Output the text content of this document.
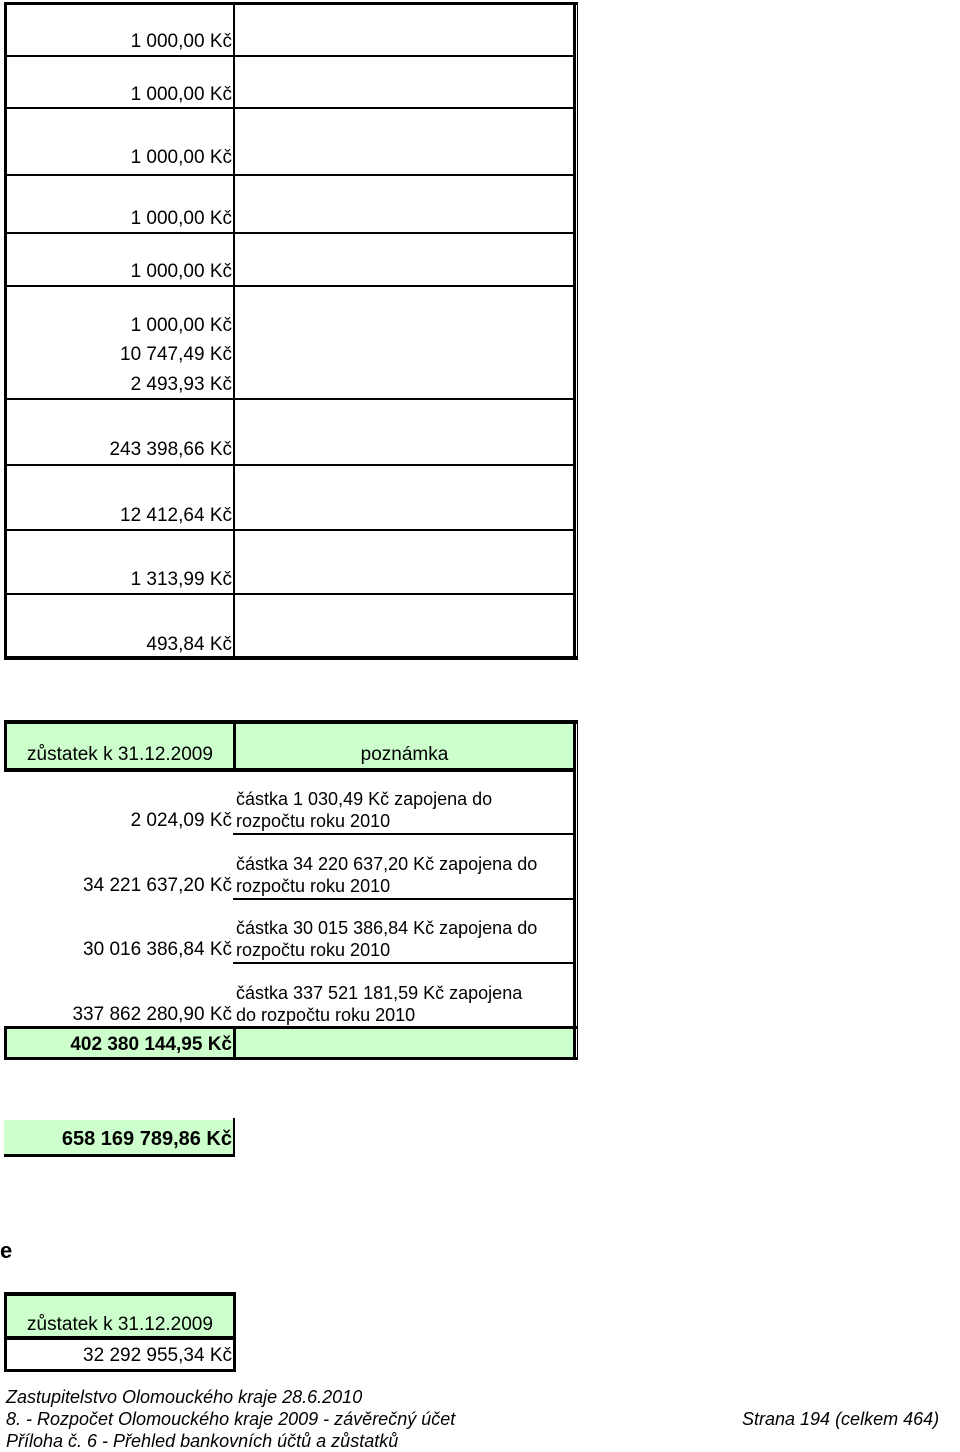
1 000,00 Kč
1 000,00 Kč
1 000,00 Kč
1 000,00 Kč
1 000,00 Kč
1 000,00 Kč
10 747,49 Kč
2 493,93 Kč
243 398,66 Kč
12 412,64 Kč
1 313,99 Kč
493,84 Kč
zůstatek k 31.12.2009	poznámka
2 024,09 Kč
částka 1 030,49 Kč zapojena do
rozpočtu roku 2010
34 221 637,20 Kč
částka 34 220 637,20 Kč zapojena do
rozpočtu roku 2010
30 016 386,84 Kč
částka 30 015 386,84 Kč zapojena do
rozpočtu roku 2010
337 862 280,90 Kč
částka 337 521 181,59 Kč zapojena
do rozpočtu roku 2010
402 380 144,95 Kč
658 169 789,86 Kč
e
zůstatek k 31.12.2009
32 292 955,34 Kč
Zastupitelstvo Olomouckého kraje 28.6.2010
8. - Rozpočet Olomouckého kraje 2009 - závěrečný účet	Strana 194 (celkem 464)
Příloha č. 6 - Přehled bankovních účtů a zůstatků
